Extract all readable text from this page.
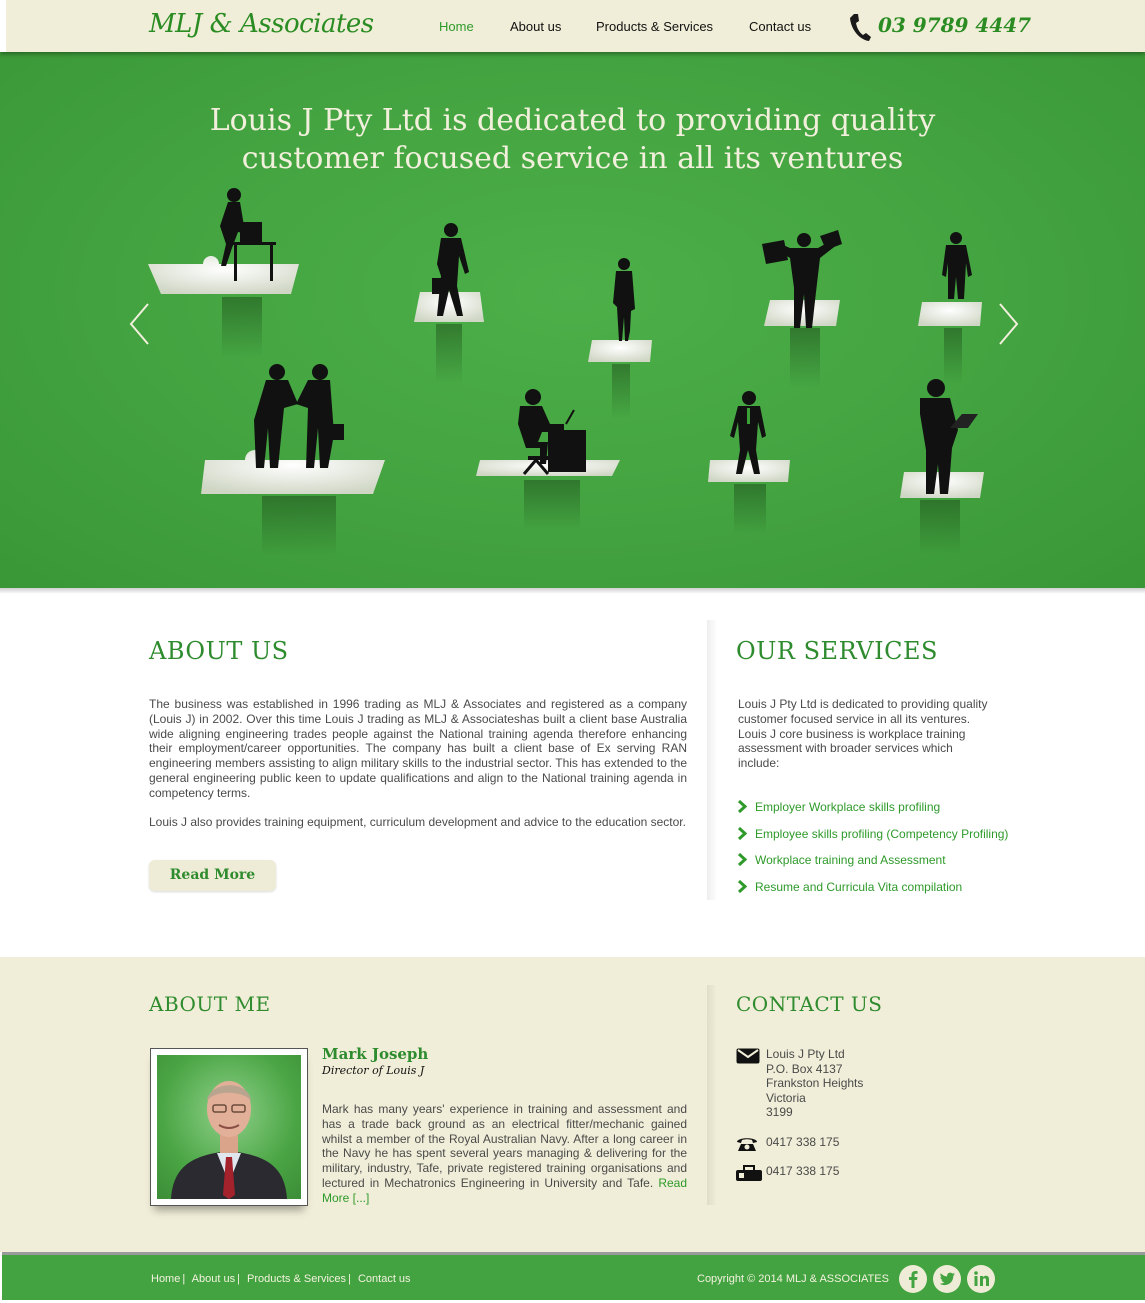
MLJ & Associates	Home	About us	Products & Services	Contact us	03 9789 4447
Louis J Pty Ltd is dedicated to providing quality
customer focused service in all its ventures
ABOUT US
The business was established in 1996 trading as MLJ & Associates and registered as a company (Louis J) in 2002. Over this time Louis J trading as MLJ & Associateshas built a client base Australia wide aligning engineering trades people against the National training agenda therefore enhancing their employment/career opportunities. The company has built a client base of Ex serving RAN engineering members assisting to align military skills to the industrial sector. This has extended to the general engineering public keen to update qualifications and align to the National training agenda in competency terms.
Louis J also provides training equipment, curriculum development and advice to the education sector.
Read More
OUR SERVICES
Louis J Pty Ltd is dedicated to providing quality customer focused service in all its ventures. Louis J core business is workplace training assessment with broader services which include:
Employer Workplace skills profiling
Employee skills profiling (Competency Profiling)
Workplace training and Assessment
Resume and Curricula Vita compilation
ABOUT ME
Mark Joseph
Director of Louis J
Mark has many years' experience in training and assessment and has a trade back ground as an electrical fitter/mechanic gained whilst a member of the Royal Australian Navy. After a long career in the Navy he has spent several years managing & delivering for the military, industry, Tafe, private registered training organisations and lectured in Mechatronics Engineering in University and Tafe. Read More [...]
CONTACT US
Louis J Pty Ltd
P.O. Box 4137
Frankston Heights
Victoria
3199
0417 338 175
0417 338 175
Home | About us | Products & Services | Contact us	Copyright © 2014 MLJ & ASSOCIATES
